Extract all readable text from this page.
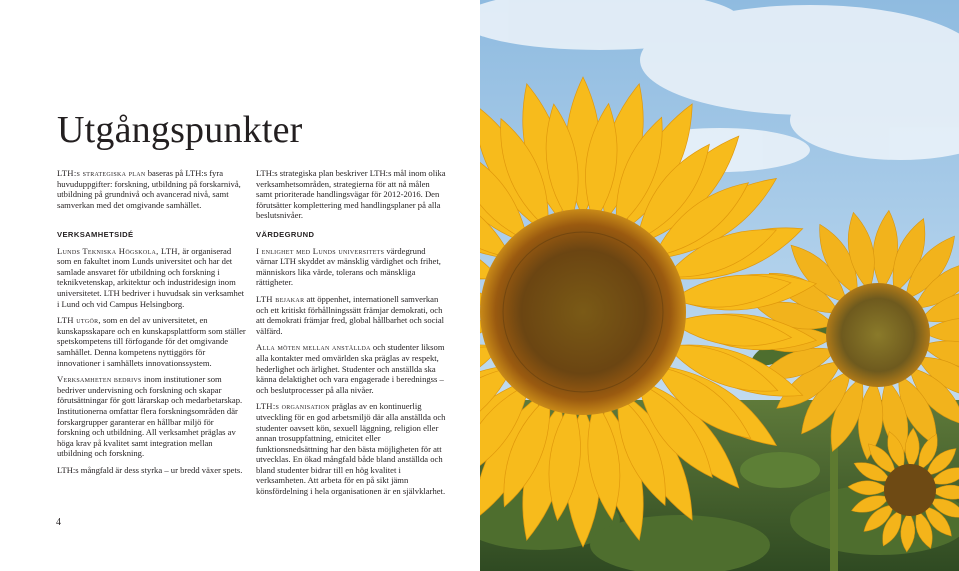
Utgångspunkter

LTH:s strategiska plan baseras på LTH:s fyra huvuduppgifter: forskning, utbildning på forskarnivå, utbildning på grundnivå och avancerad nivå, samt samverkan med det omgivande samhället.

LTH:s strategiska plan beskriver LTH:s mål inom olika verksamhetsområden, strategierna för att nå målen samt prioriterade handlingsvägar för 2012-2016. Den förutsätter komplettering med handlingsplaner på alla beslutsnivåer.

VERKSAMHETSIDÉ

Lunds Tekniska Högskola, LTH, är organiserad som en fakultet inom Lunds universitet och har det samlade ansvaret för utbildning och forskning i teknikvetenskap, arkitektur och industridesign inom universitetet. LTH bedriver i huvudsak sin verksamhet i Lund och vid Campus Helsingborg.

LTH utgör, som en del av universitetet, en kunskapsskapare och en kunskapsplattform som ställer spetskompetens till förfogande för det omgivande samhället. Denna kompetens nyttiggörs för innovationer i samhällets innovationssystem.

Verksamheten bedrivs inom institutioner som bedriver undervisning och forskning och skapar förutsättningar för gott lärarskap och medarbetarskap. Institutionerna omfattar flera forskningsområden där forskargrupper garanterar en hållbar miljö för forskning och utbildning. All verksamhet präglas av höga krav på kvalitet samt integration mellan utbildning och forskning.

LTH:s mångfald är dess styrka – ur bredd växer spets.

VÄRDEGRUND

I enlighet med Lunds universitets värdegrund värnar LTH skyddet av mänsklig värdighet och frihet, människors lika värde, tolerans och mänskliga rättigheter.

LTH bejakar att öppenhet, internationell samverkan och ett kritiskt förhållningssätt främjar demokrati, och att demokrati främjar fred, global hållbarhet och social välfärd.

Alla möten mellan anställda och studenter liksom alla kontakter med omvärlden ska präglas av respekt, hederlighet och ärlighet. Studenter och anställda ska känna delaktighet och vara engagerade i beredningss – och beslutprocesser på alla nivåer.

LTH:s organisation präglas av en kontinuerlig utveckling för en god arbetsmiljö där alla anställda och studenter oavsett kön, sexuell läggning, religion eller annan trosuppfattning, etnicitet eller funktionsnedsättning har den bästa möjligheten för att utvecklas. En ökad mångfald både bland anställda och bland studenter bidrar till en hög kvalitet i verksamheten. Att arbeta för en på sikt jämn könsfördelning i hela organisationen är en självklarhet.

4
